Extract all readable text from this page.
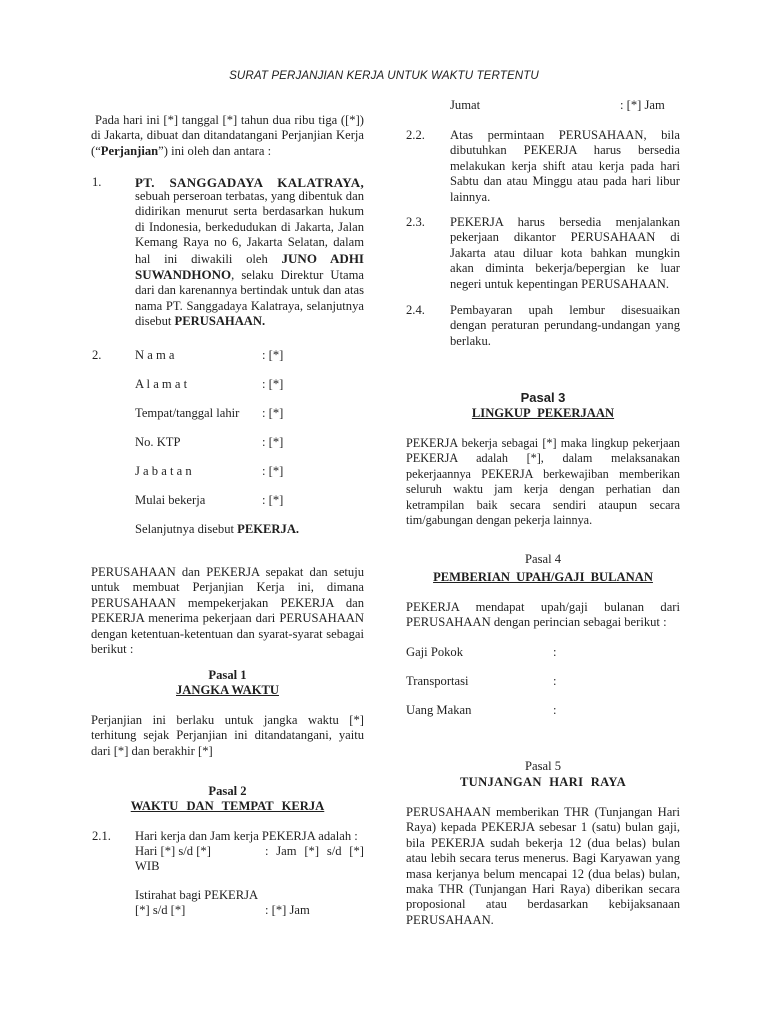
SURAT PERJANJIAN KERJA UNTUK WAKTU TERTENTU
Pada hari ini [*] tanggal [*] tahun dua ribu tiga ([*]) di Jakarta, dibuat dan ditandatangani Perjanjian Kerja (“Perjanjian”) ini oleh dan antara :
1.	PT. SANGGADAYA KALATRAYA,
sebuah perseroan terbatas, yang dibentuk dan didirikan menurut serta berdasarkan hukum di Indonesia, berkedudukan di Jakarta, Jalan Kemang Raya no 6, Jakarta Selatan, dalam hal ini diwakili oleh JUNO ADHI SUWANDHONO, selaku Direktur Utama dari dan karenannya bertindak untuk dan atas nama PT. Sanggadaya Kalatraya, selanjutnya disebut PERUSAHAAN.
2.	N a m a	: [*]
A l a m a t	: [*]
Tempat/tanggal lahir : [*]
No. KTP	: [*]
J a b a t a n	: [*]
Mulai bekerja	: [*]
Selanjutnya disebut PEKERJA.
PERUSAHAAN dan PEKERJA sepakat dan setuju untuk membuat Perjanjian Kerja ini, dimana PERUSAHAAN mempekerjakan PEKERJA dan PEKERJA menerima pekerjaan dari PERUSAHAAN dengan ketentuan-ketentuan dan syarat-syarat sebagai berikut :
Pasal 1
JANGKA WAKTU
Perjanjian ini berlaku untuk jangka waktu [*] terhitung sejak Perjanjian ini ditandatangani, yaitu dari [*] dan berakhir [*]
Pasal 2
WAKTU DAN TEMPAT KERJA
2.1. Hari kerja dan Jam kerja PEKERJA adalah :
Hari [*] s/d [*]	: Jam [*] s/d [*]
WIB
Istirahat bagi PEKERJA
[*] s/d [*]	: [*] Jam
Jumat	: [*] Jam
2.2. Atas permintaan PERUSAHAAN, bila dibutuhkan PEKERJA harus bersedia melakukan kerja shift atau kerja pada hari Sabtu dan atau Minggu atau pada hari libur lainnya.
2.3. PEKERJA harus bersedia menjalankan pekerjaan dikantor PERUSAHAAN di Jakarta atau diluar kota bahkan mungkin akan diminta bekerja/bepergian ke luar negeri untuk kepentingan PERUSAHAAN.
2.4. Pembayaran upah lembur disesuaikan dengan peraturan perundang-undangan yang berlaku.
Pasal 3
LINGKUP PEKERJAAN
PEKERJA bekerja sebagai [*] maka lingkup pekerjaan PEKERJA adalah [*], dalam melaksanakan pekerjaannya PEKERJA berkewajiban memberikan seluruh waktu jam kerja dengan perhatian dan ketrampilan baik secara sendiri ataupun secara tim/gabungan dengan pekerja lainnya.
Pasal 4
PEMBERIAN UPAH/GAJI BULANAN
PEKERJA mendapat upah/gaji bulanan dari PERUSAHAAN dengan perincian sebagai berikut :
Gaji Pokok	:
Transportasi	:
Uang Makan	:
Pasal 5
TUNJANGAN HARI RAYA
PERUSAHAAN memberikan THR (Tunjangan Hari Raya) kepada PEKERJA sebesar 1 (satu) bulan gaji, bila PEKERJA sudah bekerja 12 (dua belas) bulan atau lebih secara terus menerus. Bagi Karyawan yang masa kerjanya belum mencapai 12 (dua belas) bulan, maka THR (Tunjangan Hari Raya) diberikan secara proposional atau berdasarkan kebijaksanaan PERUSAHAAN.
